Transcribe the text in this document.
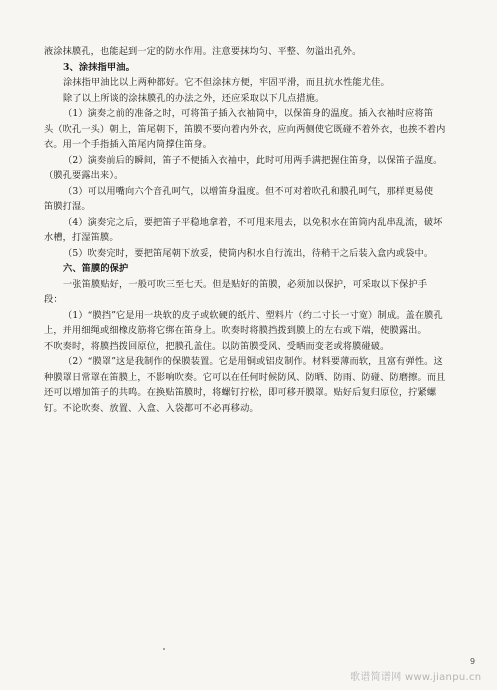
液涂抹膜孔，也能起到一定的防水作用。注意要抹均匀、平整、勿溢出孔外。
3、涂抹指甲油。
涂抹指甲油比以上两种都好。它不但涂抹方便，牢固平滑，而且抗水性能尤佳。
除了以上所谈的涂抹膜孔的办法之外，还应采取以下几点措施。
（1）演奏之前的准备之时，可将笛子插入衣袖筒中，以保笛身的温度。插入衣袖时应将笛
头（吹孔一头）朝上，笛尾朝下，笛膜不要向着内外衣，应向两侧使它既碰不着外衣，也挨不着内
衣。用一个手指插入笛尾内筒撑住笛身。
（2）演奏前后的瞬间，笛子不便插入衣袖中，此时可用两手满把握住笛身，以保笛子温度。
（膜孔要露出来）。
（3）可以用嘴向六个音孔呵气，以增笛身温度。但不可对着吹孔和膜孔呵气，那样更易使
笛膜打湿。
（4）演奏完之后，要把笛子平稳地拿着，不可甩来甩去，以免积水在笛筒内乱串乱流，破坏
水槽，打湿笛膜。
（5）吹奏完时，要把笛尾朝下放妥，使筒内积水自行流出，待稍干之后装入盒内或袋中。
六、笛膜的保护
一张笛膜贴好，一般可吹三至七天。但是贴好的笛膜，必须加以保护，可采取以下保护手
段：
（1）“膜挡”它是用一块软的皮子或软硬的纸片、塑料片（约二寸长一寸宽）制成。盖在膜孔
上，并用细绳或细橡皮筋将它绑在笛身上。吹奏时将膜挡拨到膜上的左右或下端，使膜露出。
不吹奏时，将膜挡拨回原位，把膜孔盖住。以防笛膜受风、受晒而变老或将膜碰破。
（2）“膜罩”这是我制作的保膜装置。它是用铜或铝皮制作。材料要薄而软，且富有弹性。这
种膜罩日常罩在笛膜上，不影响吹奏。它可以在任何时候防风、防晒、防雨、防碰、防磨擦。而且
还可以增加笛子的共鸣。在换贴笛膜时，将螺钉拧松，即可移开膜罩。贴好后复归原位，拧紧螺
钉。不论吹奏、放置、入盒、入袋都可不必再移动。
9
歌谱简谱网 www.jianpu.cn
